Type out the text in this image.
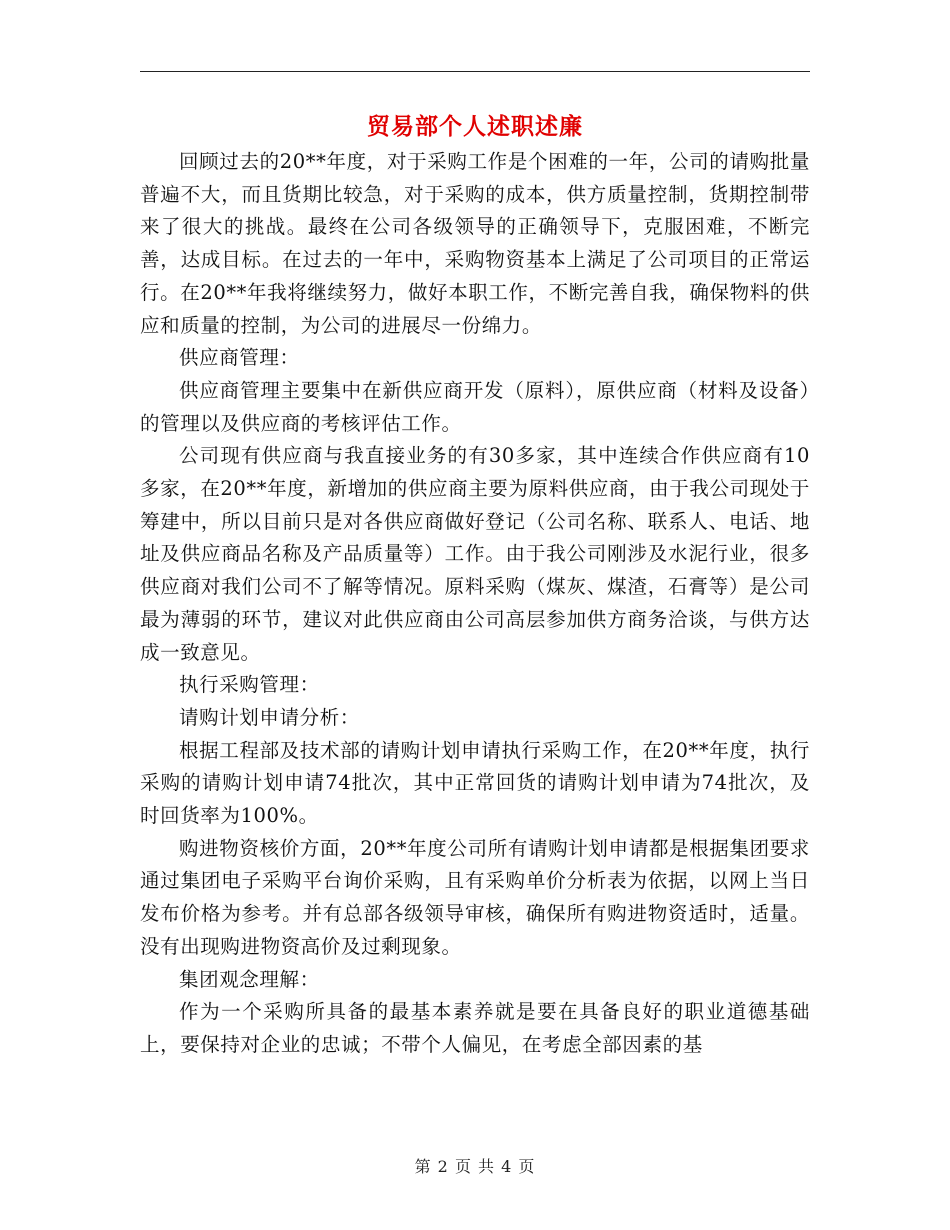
贸易部个人述职述廉

回顾过去的20**年度，对于采购工作是个困难的一年，公司的请购批量普遍不大，而且货期比较急，对于采购的成本，供方质量控制，货期控制带来了很大的挑战。最终在公司各级领导的正确领导下，克服困难，不断完善，达成目标。在过去的一年中，采购物资基本上满足了公司项目的正常运行。在20**年我将继续努力，做好本职工作，不断完善自我，确保物料的供应和质量的控制，为公司的进展尽一份绵力。

供应商管理：

供应商管理主要集中在新供应商开发（原料），原供应商（材料及设备）的管理以及供应商的考核评估工作。

公司现有供应商与我直接业务的有30多家，其中连续合作供应商有10多家，在20**年度，新增加的供应商主要为原料供应商，由于我公司现处于筹建中，所以目前只是对各供应商做好登记（公司名称、联系人、电话、地址及供应商品名称及产品质量等）工作。由于我公司刚涉及水泥行业，很多供应商对我们公司不了解等情况。原料采购（煤灰、煤渣，石膏等）是公司最为薄弱的环节，建议对此供应商由公司高层参加供方商务洽谈，与供方达成一致意见。

执行采购管理：

请购计划申请分析：

根据工程部及技术部的请购计划申请执行采购工作，在20**年度，执行采购的请购计划申请74批次，其中正常回货的请购计划申请为74批次，及时回货率为100%。

购进物资核价方面，20**年度公司所有请购计划申请都是根据集团要求通过集团电子采购平台询价采购，且有采购单价分析表为依据，以网上当日发布价格为参考。并有总部各级领导审核，确保所有购进物资适时，适量。没有出现购进物资高价及过剩现象。

集团观念理解：

作为一个采购所具备的最基本素养就是要在具备良好的职业道德基础上，要保持对企业的忠诚；不带个人偏见，在考虑全部因素的基

第 2 页 共 4 页
